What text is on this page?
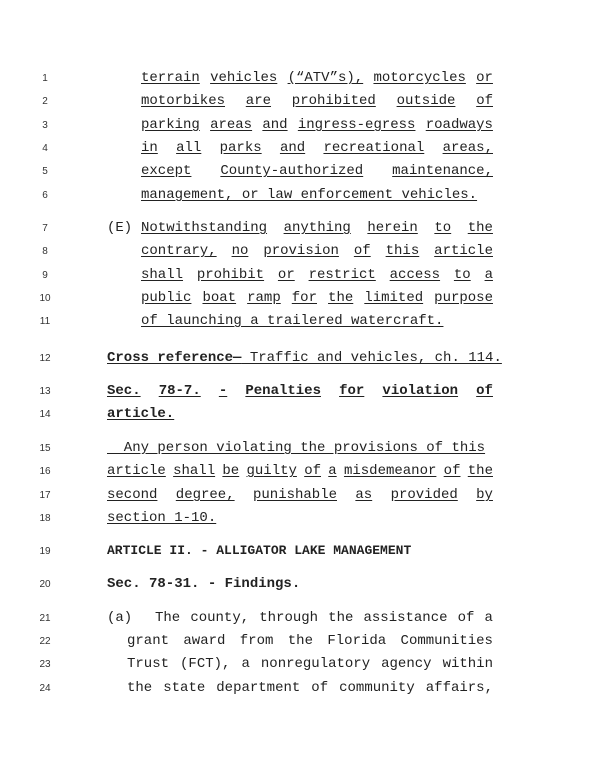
1
2
3
4
5
6
7
8
9
10
11
12
13
14
15
16
17
18
19
20
21
22
23
24
terrain vehicles (“ATV”s), motorcycles or
motorbikes are prohibited outside of
parking areas and ingress-egress roadways
in all parks and recreational areas,
except County-authorized maintenance,
management, or law enforcement vehicles.
(E) Notwithstanding anything herein to the
contrary, no provision of this article
shall prohibit or restrict access to a
public boat ramp for the limited purpose
of launching a trailered watercraft.
Cross reference— Traffic and vehicles, ch. 114.
Sec. 78-7. - Penalties for violation of
article.
Any person violating the provisions of this
article shall be guilty of a misdemeanor of the
second degree, punishable as provided by
section 1-10.
ARTICLE II. - ALLIGATOR LAKE MANAGEMENT
Sec. 78-31. - Findings.
(a) The county, through the assistance of a
grant award from the Florida Communities
Trust (FCT), a nonregulatory agency within
the state department of community affairs,
